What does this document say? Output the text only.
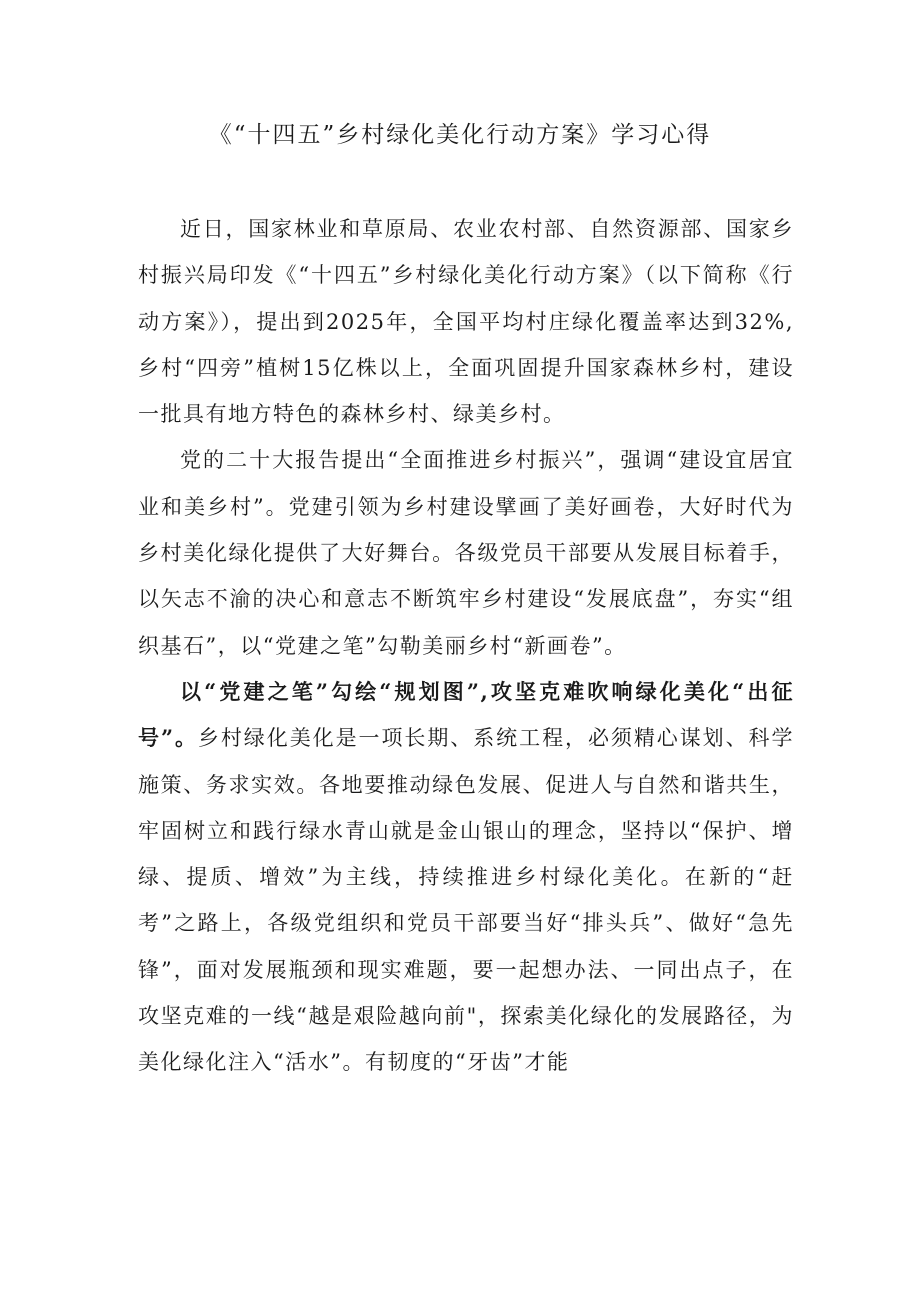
《“十四五”乡村绿化美化行动方案》学习心得

近日，国家林业和草原局、农业农村部、自然资源部、国家乡村振兴局印发《“十四五”乡村绿化美化行动方案》（以下简称《行动方案》），提出到2025年，全国平均村庄绿化覆盖率达到32%,乡村“四旁”植树15亿株以上，全面巩固提升国家森林乡村，建设一批具有地方特色的森林乡村、绿美乡村。

党的二十大报告提出“全面推进乡村振兴”，强调“建设宜居宜业和美乡村”。党建引领为乡村建设擘画了美好画卷，大好时代为乡村美化绿化提供了大好舞台。各级党员干部要从发展目标着手，以矢志不渝的决心和意志不断筑牢乡村建设“发展底盘”，夯实“组织基石”，以“党建之笔”勾勒美丽乡村“新画卷”。

以“党建之笔”勾绘“规划图”,攻坚克难吹响绿化美化“出征号”。乡村绿化美化是一项长期、系统工程，必须精心谋划、科学施策、务求实效。各地要推动绿色发展、促进人与自然和谐共生，牢固树立和践行绿水青山就是金山银山的理念，坚持以“保护、增绿、提质、增效”为主线，持续推进乡村绿化美化。在新的“赶考”之路上，各级党组织和党员干部要当好“排头兵”、做好“急先锋”，面对发展瓶颈和现实难题，要一起想办法、一同出点子，在攻坚克难的一线“越是艰险越向前"，探索美化绿化的发展路径，为美化绿化注入“活水”。有韧度的“牙齿”才能
